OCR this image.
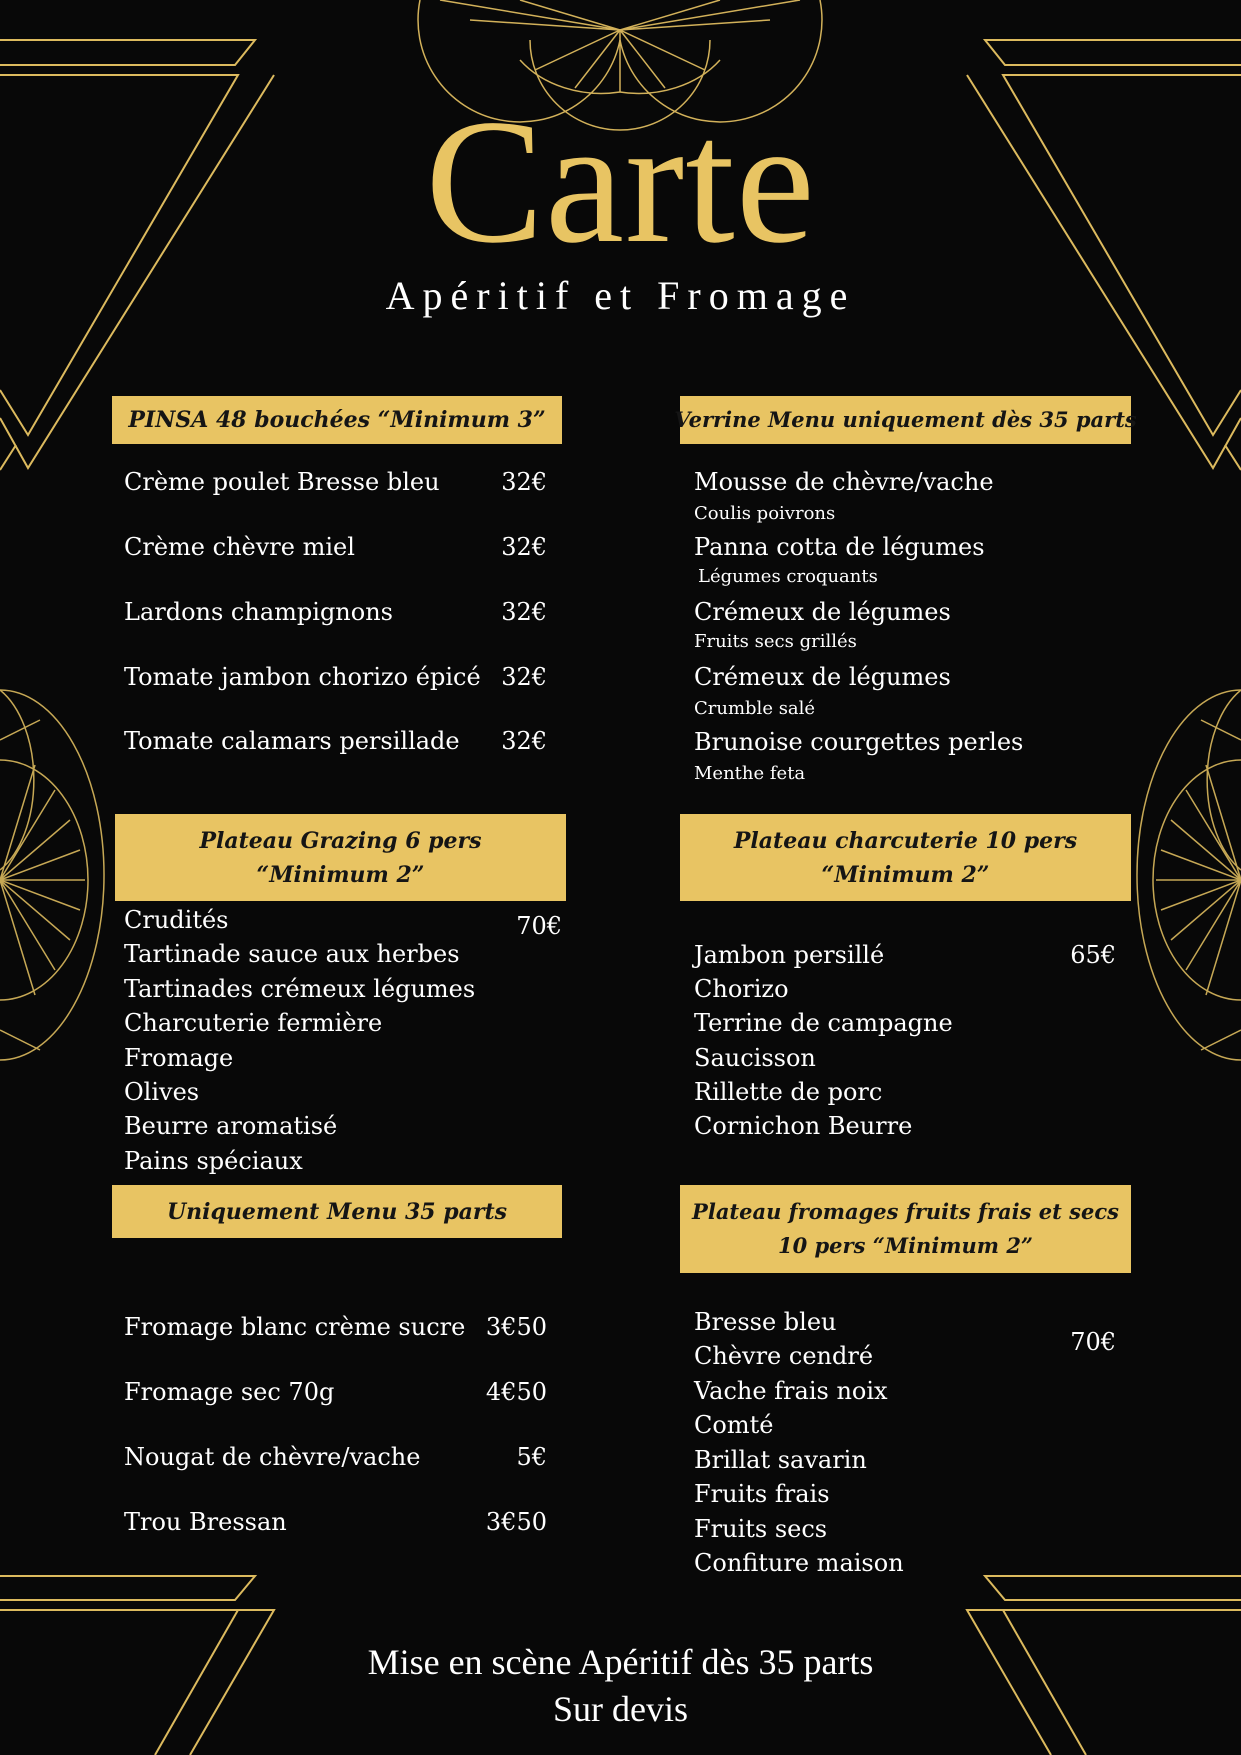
Carte
Apéritif et Fromage
PINSA 48 bouchées “Minimum 3”
Crème poulet Bresse bleu	32€
Crème chèvre miel	32€
Lardons champignons	32€
Tomate jambon chorizo épicé 32€
Tomate calamars persillade 32€
Verrine Menu uniquement dès 35 parts
Mousse de chèvre/vache
Coulis poivrons
Panna cotta de légumes
Légumes croquants
Crémeux de légumes
Fruits secs grillés
Crémeux de légumes
Crumble salé
Brunoise courgettes perles
Menthe feta
Plateau Grazing 6 pers
“Minimum 2”
70€
Crudités
Tartinade sauce aux herbes
Tartinades crémeux légumes
Charcuterie fermière
Fromage
Olives
Beurre aromatisé
Pains spéciaux
Plateau charcuterie 10 pers
“Minimum 2”
65€
Jambon persillé
Chorizo
Terrine de campagne
Saucisson
Rillette de porc
Cornichon Beurre
Uniquement Menu 35 parts
Fromage blanc crème sucre 3€50
Fromage sec 70g	4€50
Nougat de chèvre/vache	5€
Trou Bressan	3€50
Plateau fromages fruits frais et secs
10 pers “Minimum 2”
70€
Bresse bleu
Chèvre cendré
Vache frais noix
Comté
Brillat savarin
Fruits frais
Fruits secs
Confiture maison
Mise en scène Apéritif dès 35 parts
Sur devis
